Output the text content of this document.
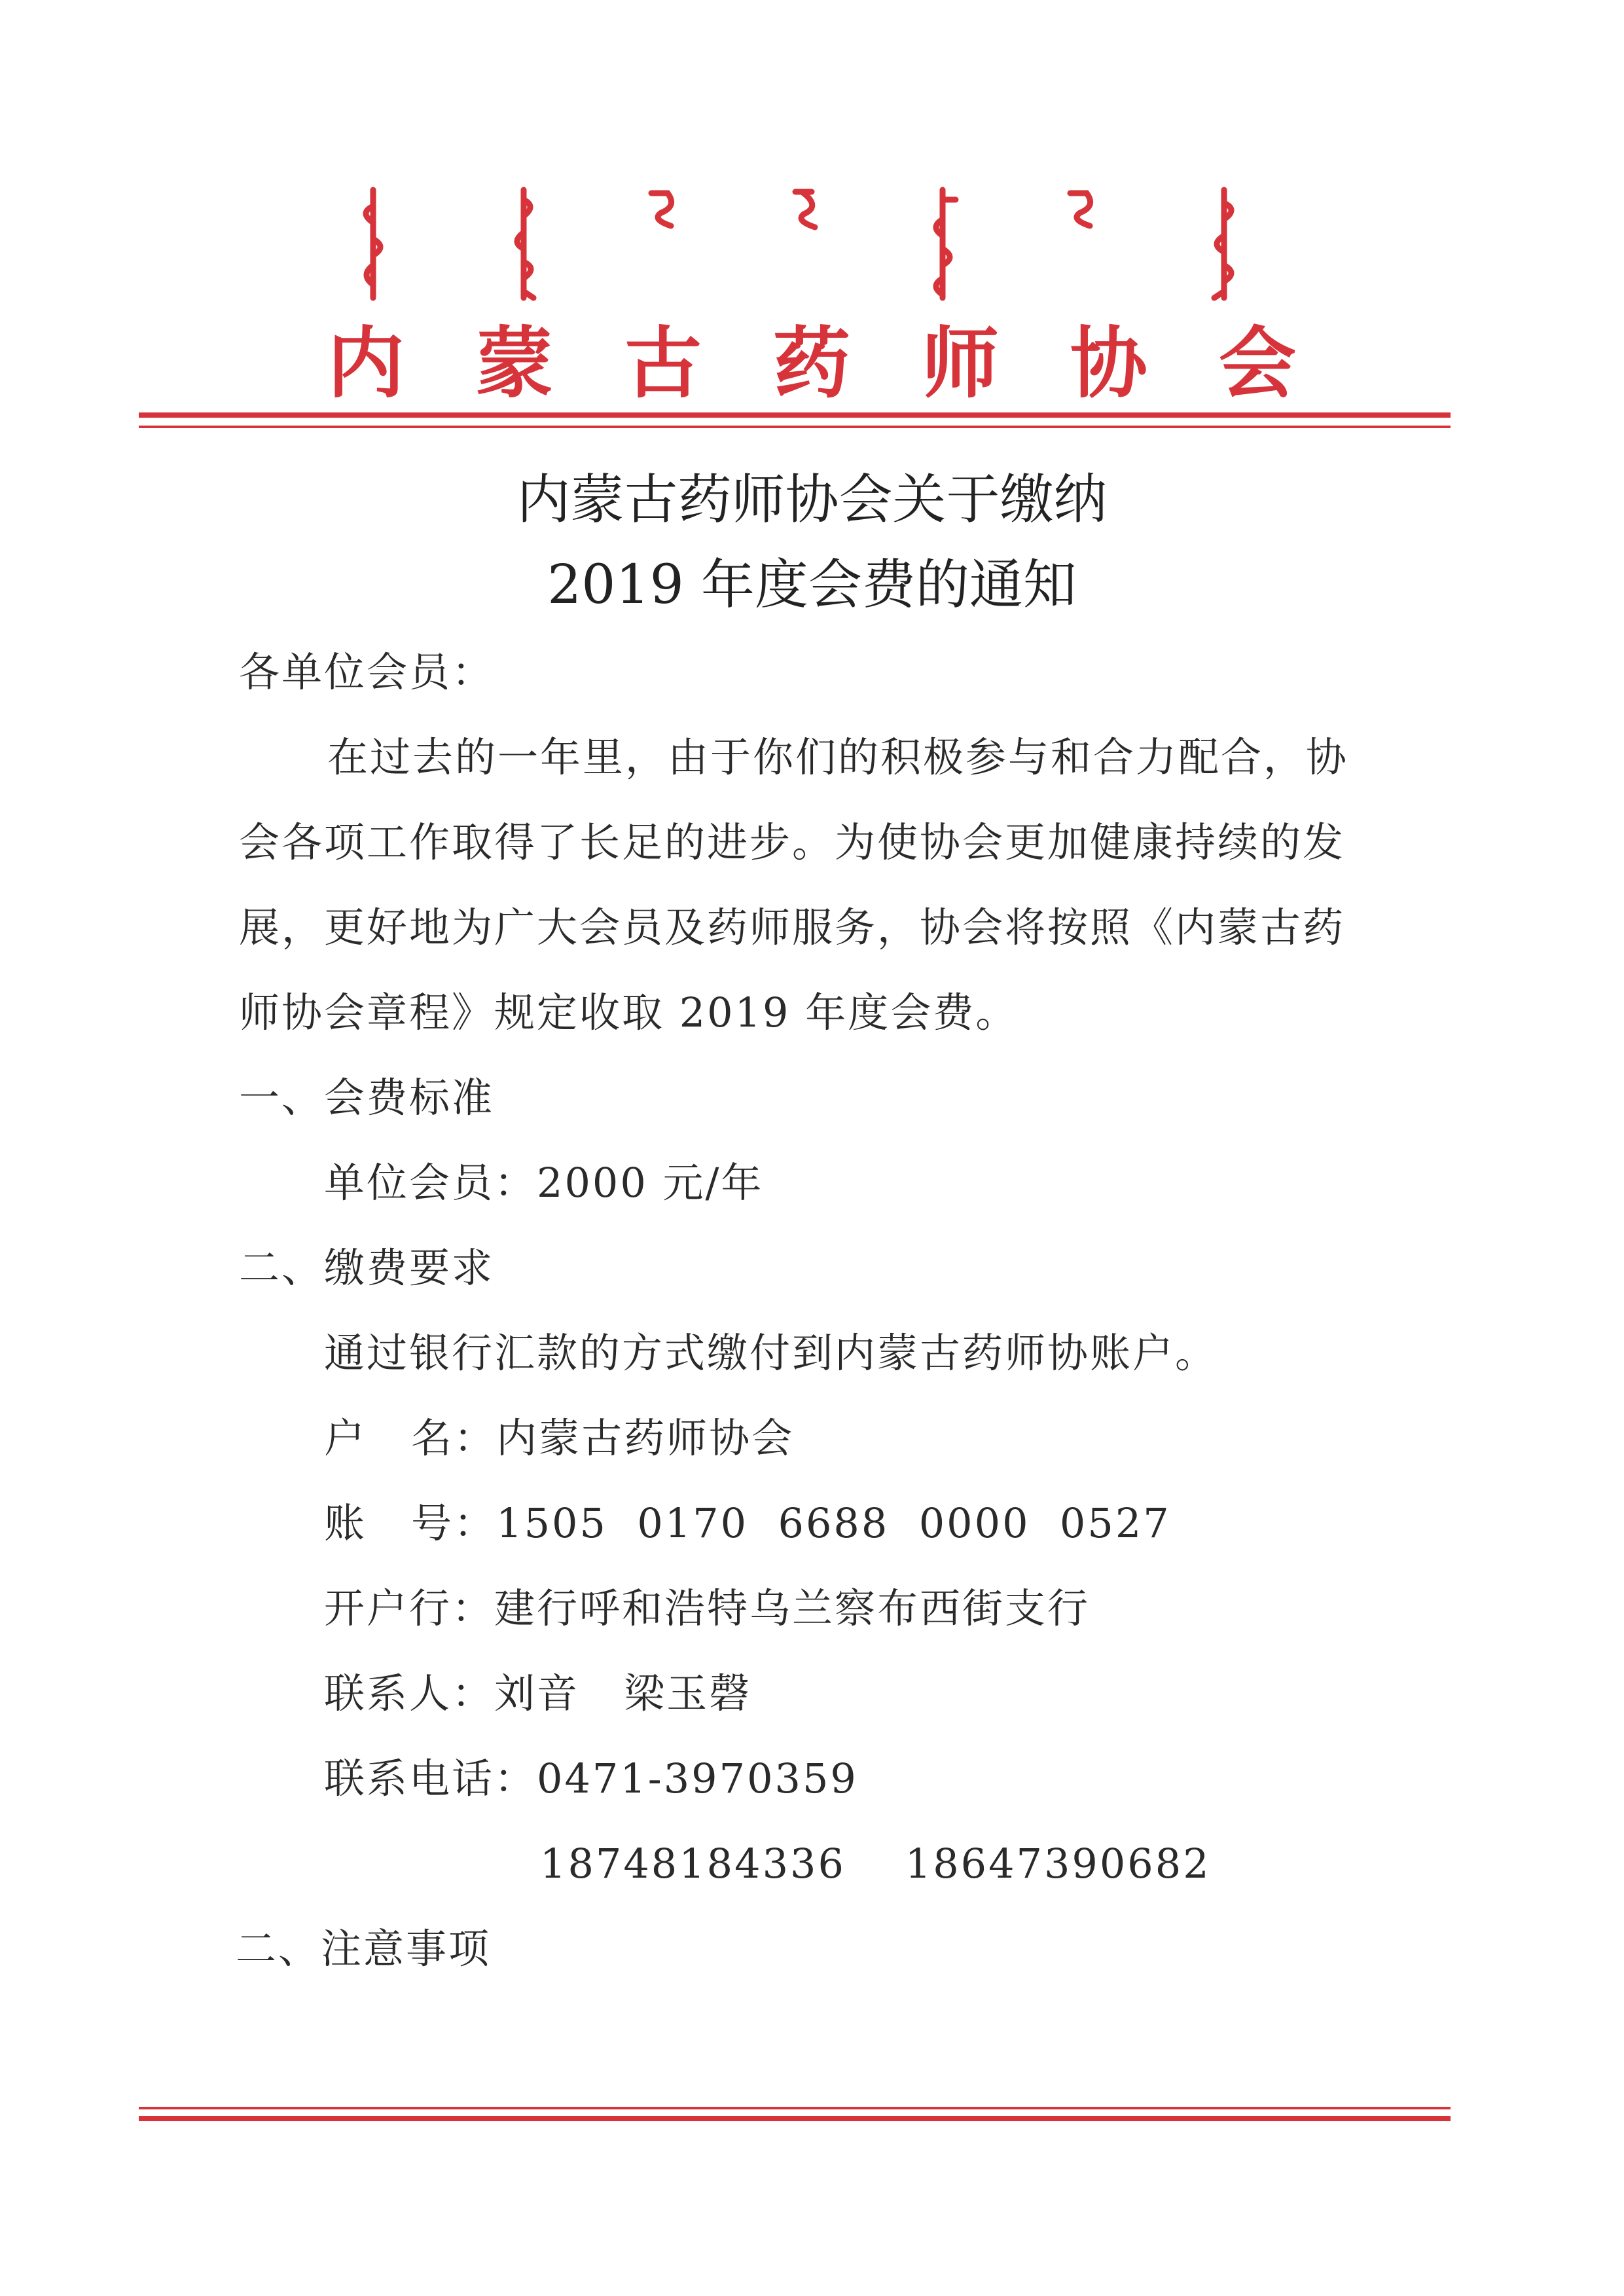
内 蒙 古 药 师 协 会
内蒙古药师协会关于缴纳
2019 年度会费的通知
各单位会员：
在过去的一年里，由于你们的积极参与和合力配合，协
会各项工作取得了长足的进步。为使协会更加健康持续的发
展，更好地为广大会员及药师服务，协会将按照《内蒙古药
师协会章程》规定收取 2019 年度会费。
一、会费标准
单位会员：2000 元/年
二、缴费要求
通过银行汇款的方式缴付到内蒙古药师协账户。
户   名：内蒙古药师协会
账   号：1505  0170  6688  0000  0527
开户行：建行呼和浩特乌兰察布西街支行
联系人：刘音   梁玉磬
联系电话：0471-3970359
18748184336    18647390682
二、注意事项
